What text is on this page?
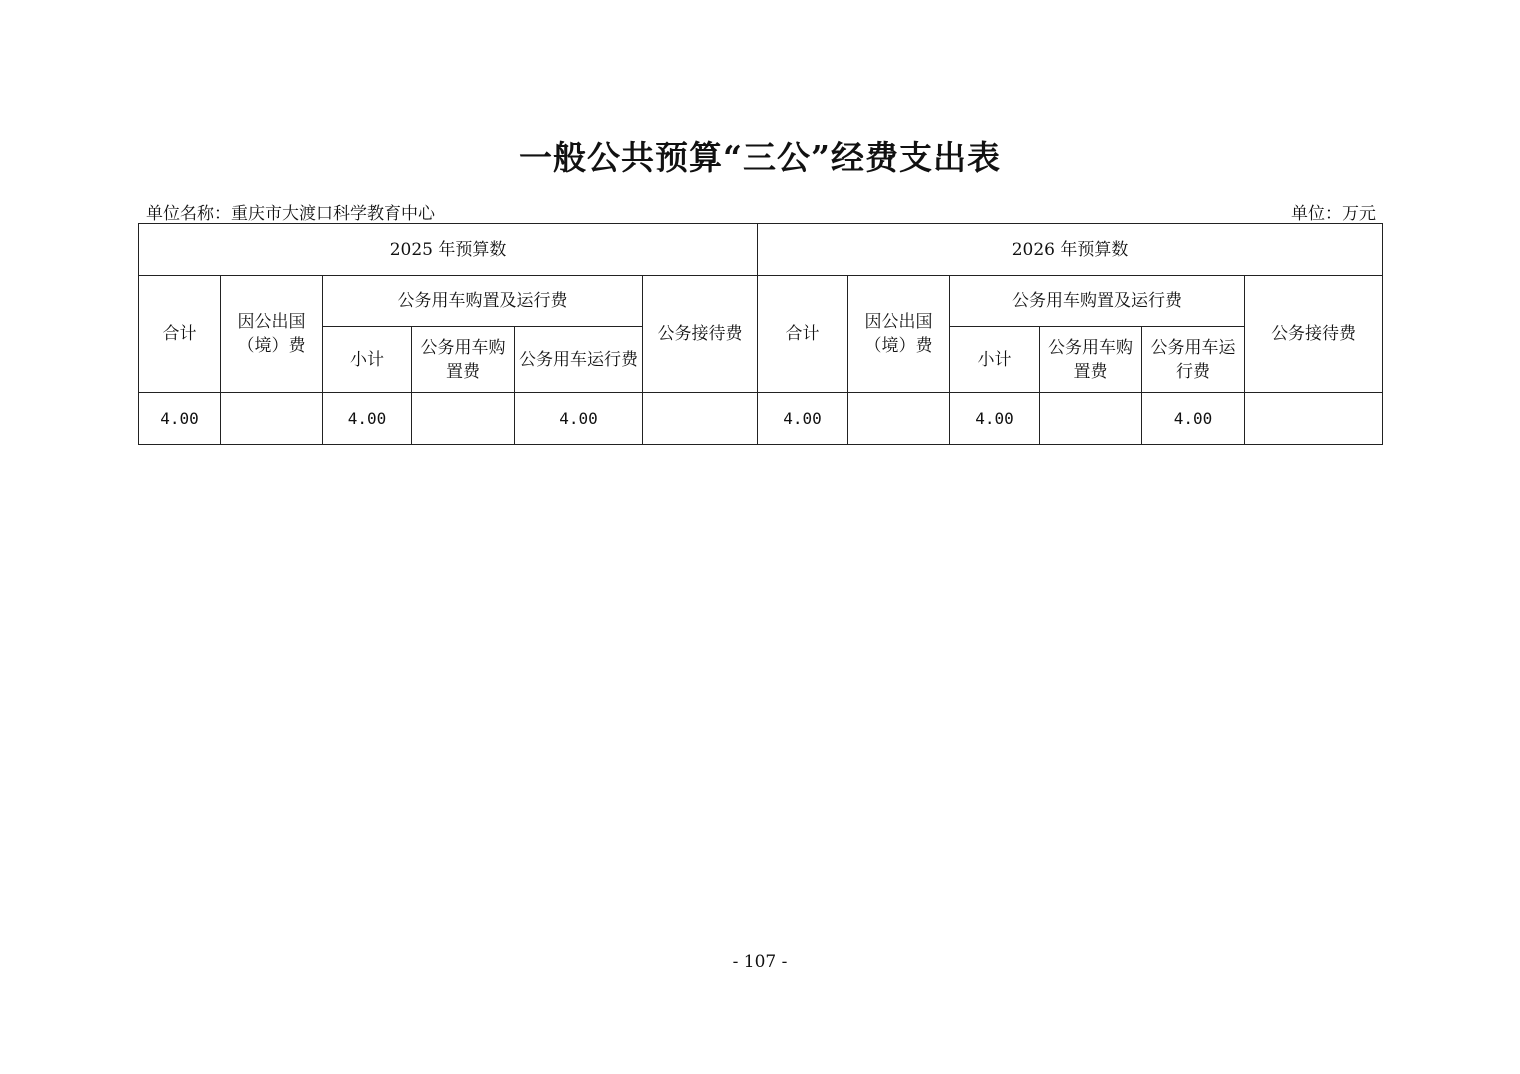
一般公共预算“三公”经费支出表
单位名称：重庆市大渡口科学教育中心	单位：万元
2025 年预算数						2026 年预算数					
合计	因公出国（境）费	公务用车购置及运行费			公务接待费	合计	因公出国（境）费	公务用车购置及运行费			公务接待费
		小计	公务用车购置费	公务用车运行费				小计	公务用车购置费	公务用车运行费	
4.00		4.00		4.00		4.00		4.00		4.00	
- 107 -
